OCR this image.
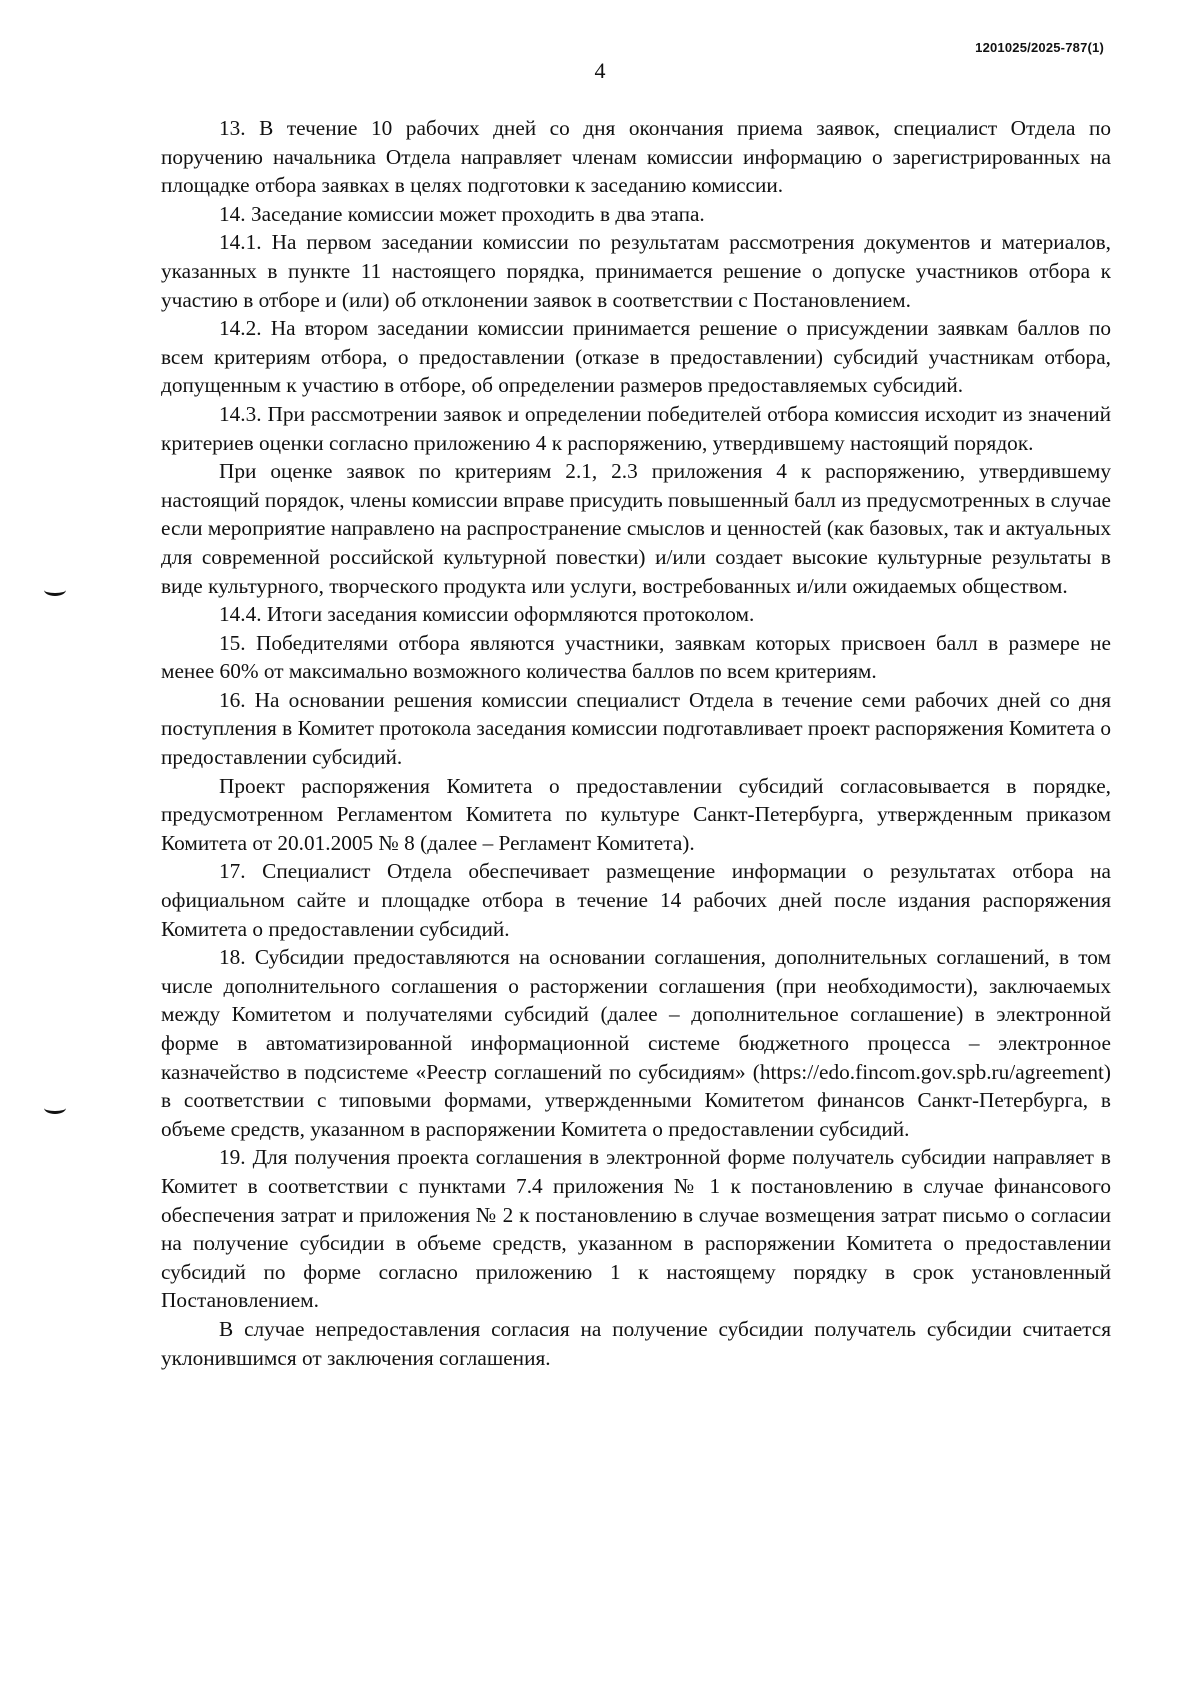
1201025/2025-787(1)
4

13. В течение 10 рабочих дней со дня окончания приема заявок, специалист Отдела по поручению начальника Отдела направляет членам комиссии информацию о зарегистрированных на площадке отбора заявках в целях подготовки к заседанию комиссии.

14. Заседание комиссии может проходить в два этапа.

14.1. На первом заседании комиссии по результатам рассмотрения документов и материалов, указанных в пункте 11 настоящего порядка, принимается решение о допуске участников отбора к участию в отборе и (или) об отклонении заявок в соответствии с Постановлением.

14.2. На втором заседании комиссии принимается решение о присуждении заявкам баллов по всем критериям отбора, о предоставлении (отказе в предоставлении) субсидий участникам отбора, допущенным к участию в отборе, об определении размеров предоставляемых субсидий.

14.3. При рассмотрении заявок и определении победителей отбора комиссия исходит из значений критериев оценки согласно приложению 4 к распоряжению, утвердившему настоящий порядок.

При оценке заявок по критериям 2.1, 2.3 приложения 4 к распоряжению, утвердившему настоящий порядок, члены комиссии вправе присудить повышенный балл из предусмотренных в случае если мероприятие направлено на распространение смыслов и ценностей (как базовых, так и актуальных для современной российской культурной повестки) и/или создает высокие культурные результаты в виде культурного, творческого продукта или услуги, востребованных и/или ожидаемых обществом.

14.4. Итоги заседания комиссии оформляются протоколом.

15. Победителями отбора являются участники, заявкам которых присвоен балл в размере не менее 60% от максимально возможного количества баллов по всем критериям.

16. На основании решения комиссии специалист Отдела в течение семи рабочих дней со дня поступления в Комитет протокола заседания комиссии подготавливает проект распоряжения Комитета о предоставлении субсидий.

Проект распоряжения Комитета о предоставлении субсидий согласовывается в порядке, предусмотренном Регламентом Комитета по культуре Санкт-Петербурга, утвержденным приказом Комитета от 20.01.2005 № 8 (далее – Регламент Комитета).

17. Специалист Отдела обеспечивает размещение информации о результатах отбора на официальном сайте и площадке отбора в течение 14 рабочих дней после издания распоряжения Комитета о предоставлении субсидий.

18. Субсидии предоставляются на основании соглашения, дополнительных соглашений, в том числе дополнительного соглашения о расторжении соглашения (при необходимости), заключаемых между Комитетом и получателями субсидий (далее – дополнительное соглашение) в электронной форме в автоматизированной информационной системе бюджетного процесса – электронное казначейство в подсистеме «Реестр соглашений по субсидиям» (https://edo.fincom.gov.spb.ru/agreement) в соответствии с типовыми формами, утвержденными Комитетом финансов Санкт-Петербурга, в объеме средств, указанном в распоряжении Комитета о предоставлении субсидий.

19. Для получения проекта соглашения в электронной форме получатель субсидии направляет в Комитет в соответствии с пунктами 7.4 приложения № 1 к постановлению в случае финансового обеспечения затрат и приложения № 2 к постановлению в случае возмещения затрат письмо о согласии на получение субсидии в объеме средств, указанном в распоряжении Комитета о предоставлении субсидий по форме согласно приложению 1 к настоящему порядку в срок установленный Постановлением.

В случае непредоставления согласия на получение субсидии получатель субсидии считается уклонившимся от заключения соглашения.
